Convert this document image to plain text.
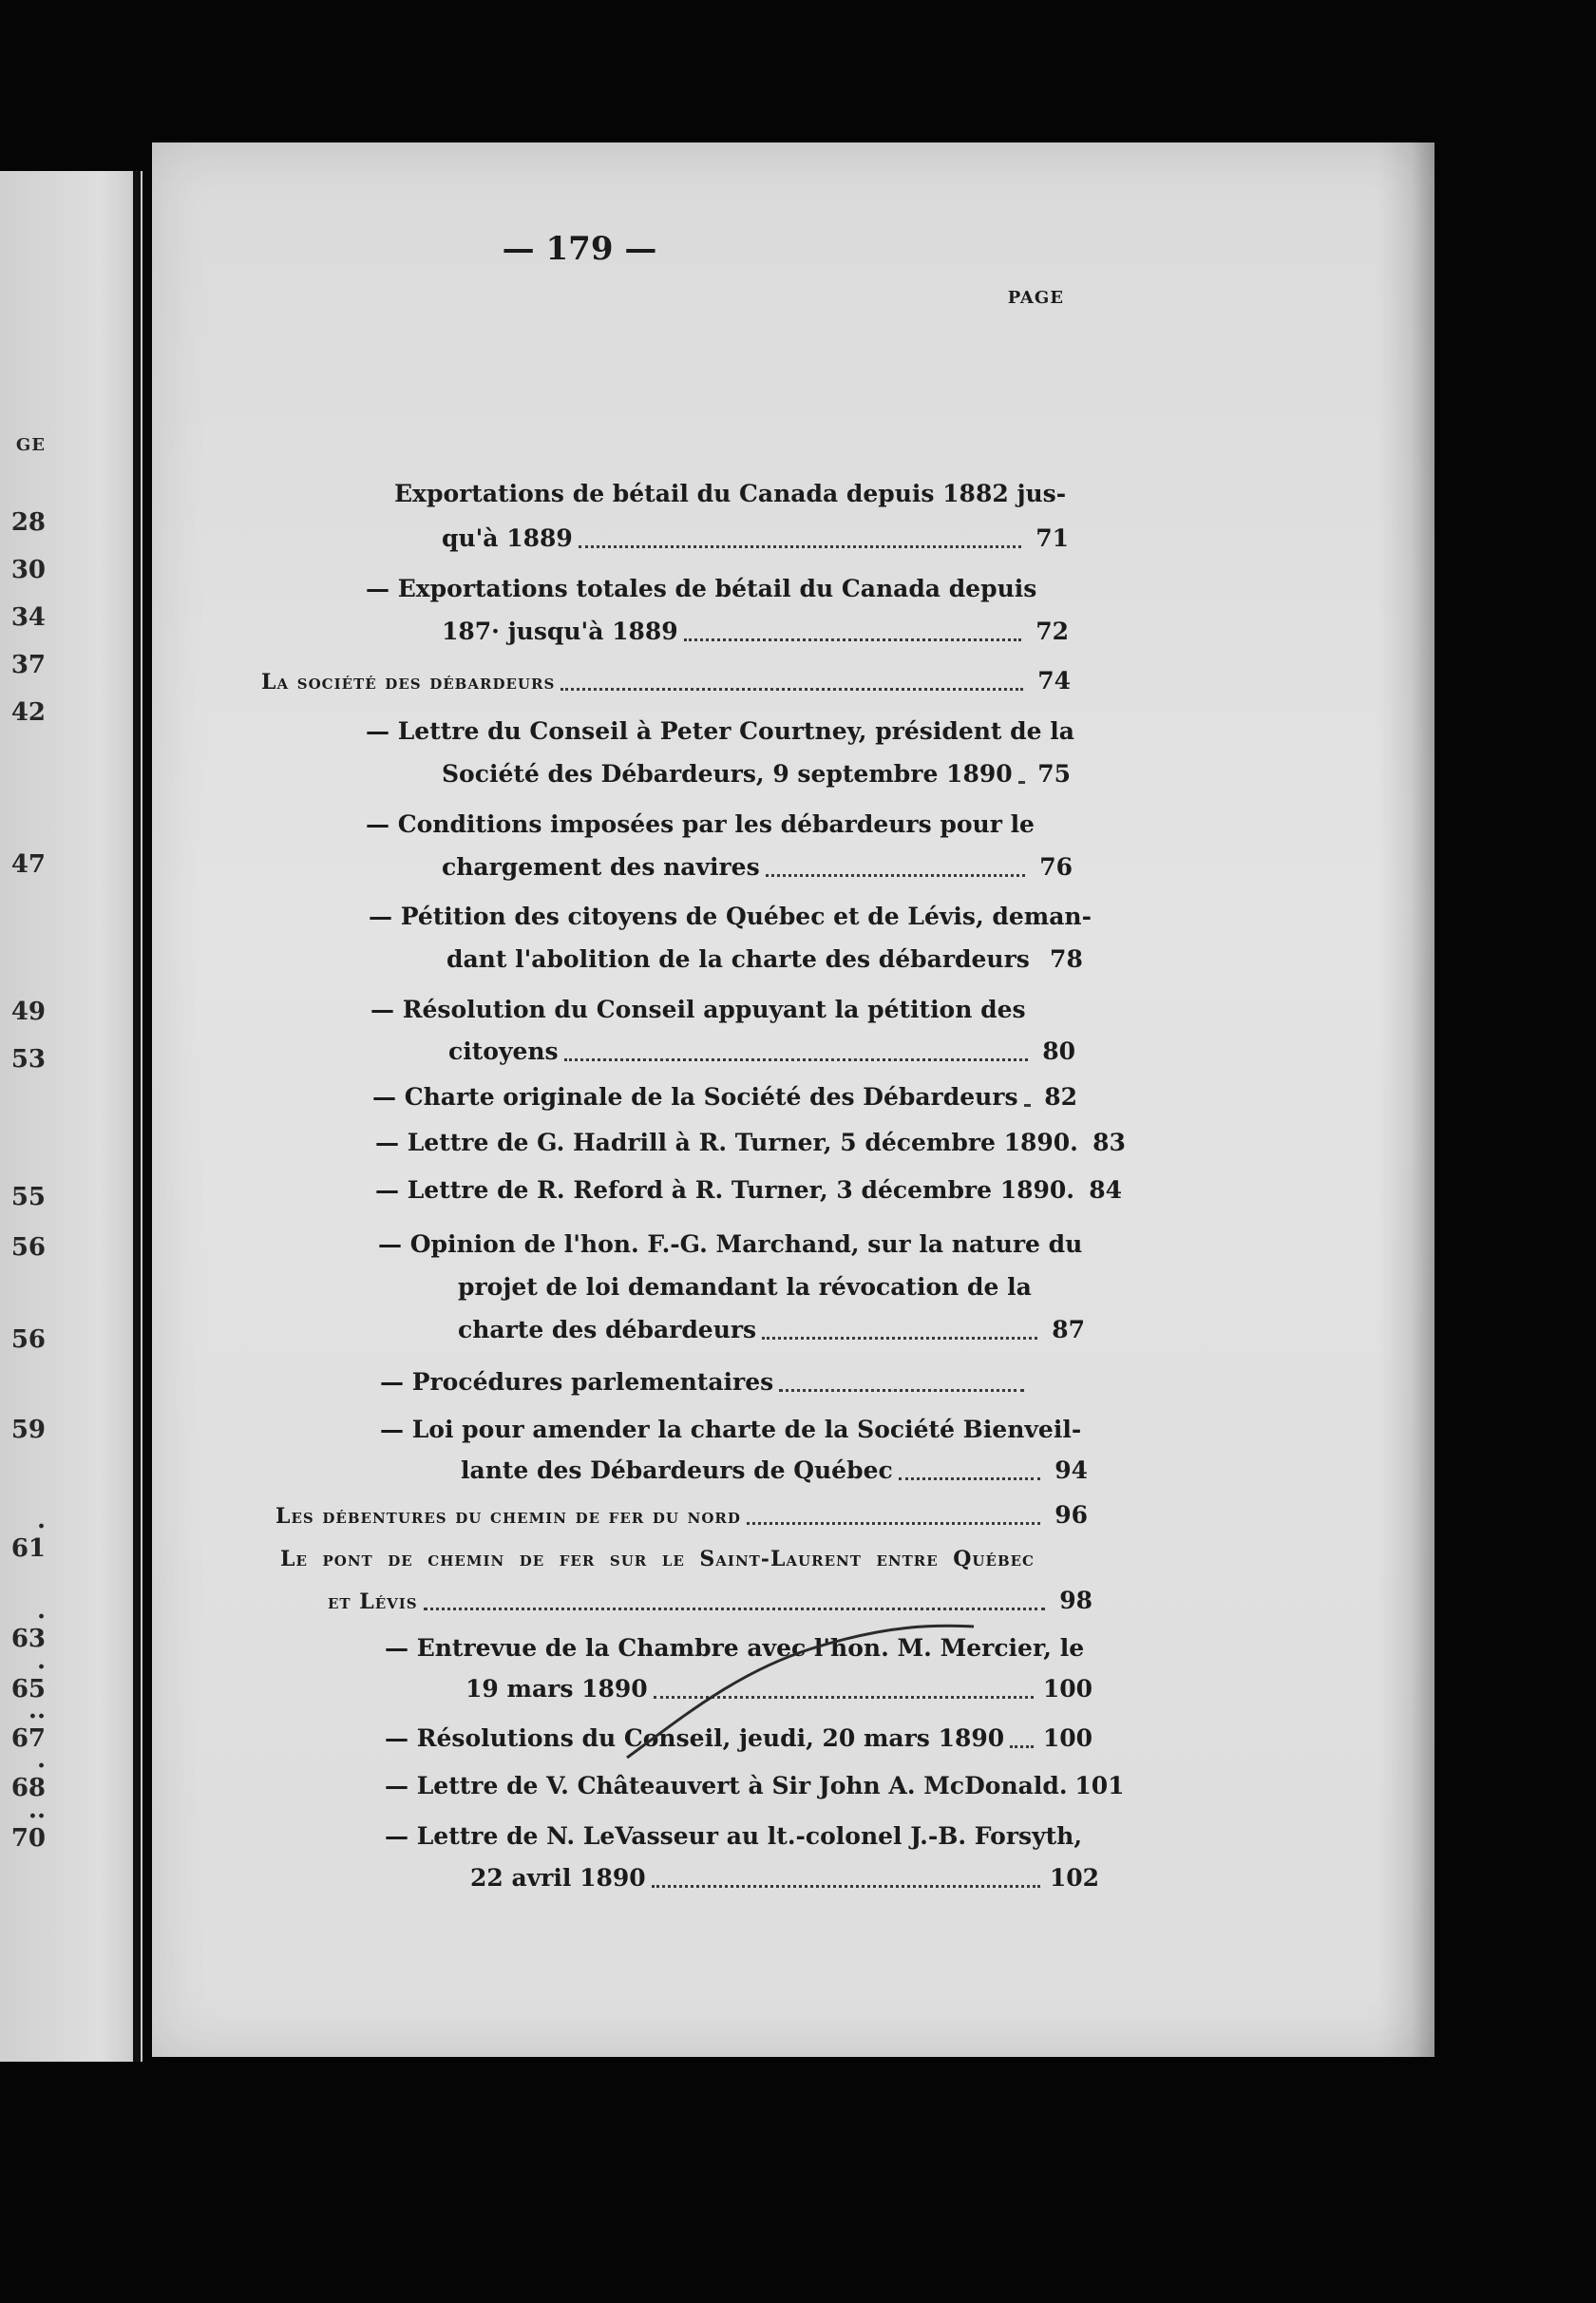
GE
28
30
34
37
42
47
49
53
55
56
56
59
. 61
. 63
. 65
.. 67
. 68
.. 70
— 179 —
PAGE
Exportations de bétail du Canada depuis 1882 jus-
qu'à 1889	71
— Exportations totales de bétail du Canada depuis
187· jusqu'à 1889	72
La société des débardeurs	74
— Lettre du Conseil à Peter Courtney, président de la
Société des Débardeurs, 9 septembre 1890	75
— Conditions imposées par les débardeurs pour le
chargement des navires	76
— Pétition des citoyens de Québec et de Lévis, deman-
dant l'abolition de la charte des débardeurs 78
— Résolution du Conseil appuyant la pétition des
citoyens	80
— Charte originale de la Société des Débardeurs	82
— Lettre de G. Hadrill à R. Turner, 5 décembre 1890. 83
— Lettre de R. Reford à R. Turner, 3 décembre 1890. 84
— Opinion de l'hon. F.-G. Marchand, sur la nature du
projet de loi demandant la révocation de la
charte des débardeurs	87
— Procédures parlementaires
— Loi pour amender la charte de la Société Bienveil-
lante des Débardeurs de Québec	94
Les débentures du chemin de fer du nord	96
Le pont de chemin de fer sur le Saint-Laurent entre Québec
et Lévis	98
— Entrevue de la Chambre avec l'hon. M. Mercier, le
19 mars 1890	100
— Résolutions du Conseil, jeudi, 20 mars 1890 100
— Lettre de V. Châteauvert à Sir John A. McDonald. 101
— Lettre de N. LeVasseur au lt.-colonel J.-B. Forsyth,
22 avril 1890	102
